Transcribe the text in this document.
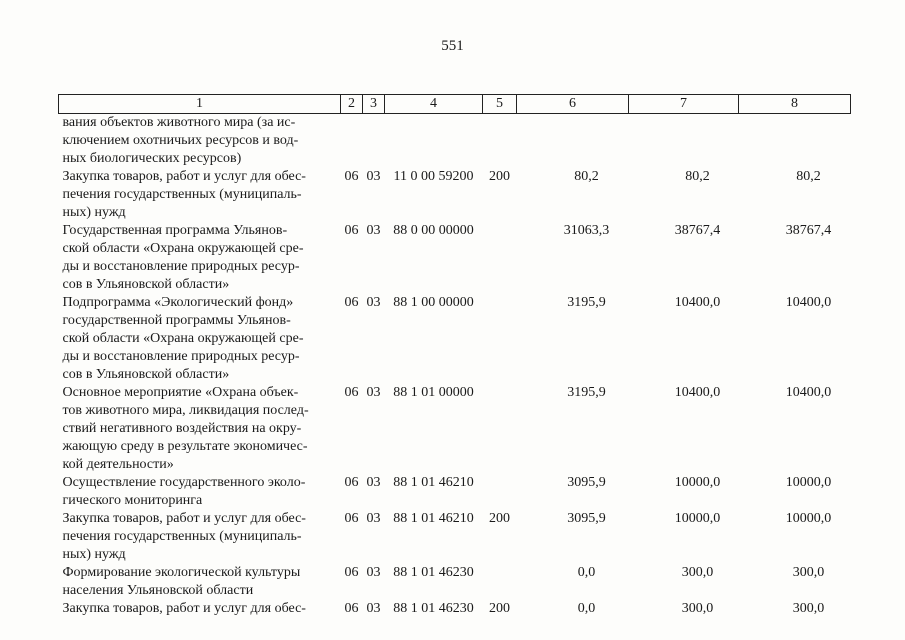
551
1	2	3	4	5	6	7	8

вания объектов животного мира (за ис-
ключением охотничьих ресурсов и вод-
ных биологических ресурсов)							

Закупка товаров, работ и услуг для обес-
печения государственных (муниципаль-
ных) нужд	06	03	11 0 00 59200	200	80,2	80,2	80,2

Государственная программа Ульянов-
ской области «Охрана окружающей сре-
ды и восстановление природных ресур-
сов в Ульяновской области»	06	03	88 0 00 00000		31063,3	38767,4	38767,4

Подпрограмма «Экологический фонд»
государственной программы Ульянов-
ской области «Охрана окружающей сре-
ды и восстановление природных ресур-
сов в Ульяновской области»	06	03	88 1 00 00000		3195,9	10400,0	10400,0

Основное мероприятие «Охрана объек-
тов животного мира, ликвидация послед-
ствий негативного воздействия на окру-
жающую среду в результате экономичес-
кой деятельности»	06	03	88 1 01 00000		3195,9	10400,0	10400,0

Осуществление государственного эколо-
гического мониторинга	06	03	88 1 01 46210		3095,9	10000,0	10000,0

Закупка товаров, работ и услуг для обес-
печения государственных (муниципаль-
ных) нужд	06	03	88 1 01 46210	200	3095,9	10000,0	10000,0

Формирование экологической культуры
населения Ульяновской области	06	03	88 1 01 46230		0,0	300,0	300,0

Закупка товаров, работ и услуг для обес-	06	03	88 1 01 46230	200	0,0	300,0	300,0
